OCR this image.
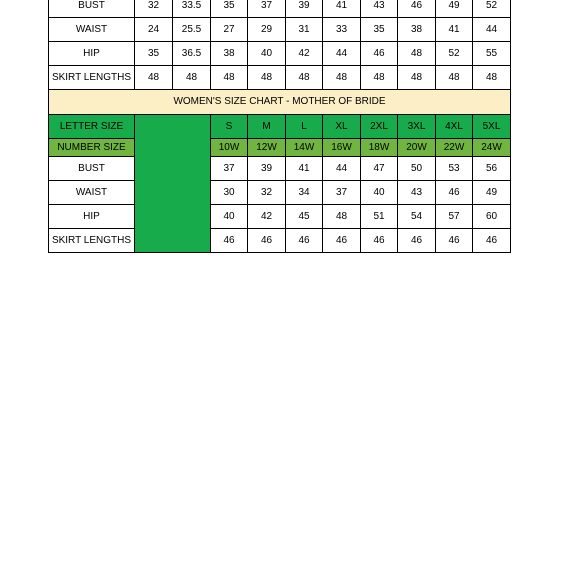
BUST	32	33.5	35	37	39	41	43	46	49	52
WAIST	24	25.5	27	29	31	33	35	38	41	44
HIP	35	36.5	38	40	42	44	46	48	52	55
SKIRT LENGTHS	48	48	48	48	48	48	48	48	48	48
WOMEN'S SIZE CHART - MOTHER OF BRIDE										
LETTER SIZE			S	M	L	XL	2XL	3XL	4XL	5XL
NUMBER SIZE			10W	12W	14W	16W	18W	20W	22W	24W
BUST			37	39	41	44	47	50	53	56
WAIST			30	32	34	37	40	43	46	49
HIP			40	42	45	48	51	54	57	60
SKIRT LENGTHS			46	46	46	46	46	46	46	46
